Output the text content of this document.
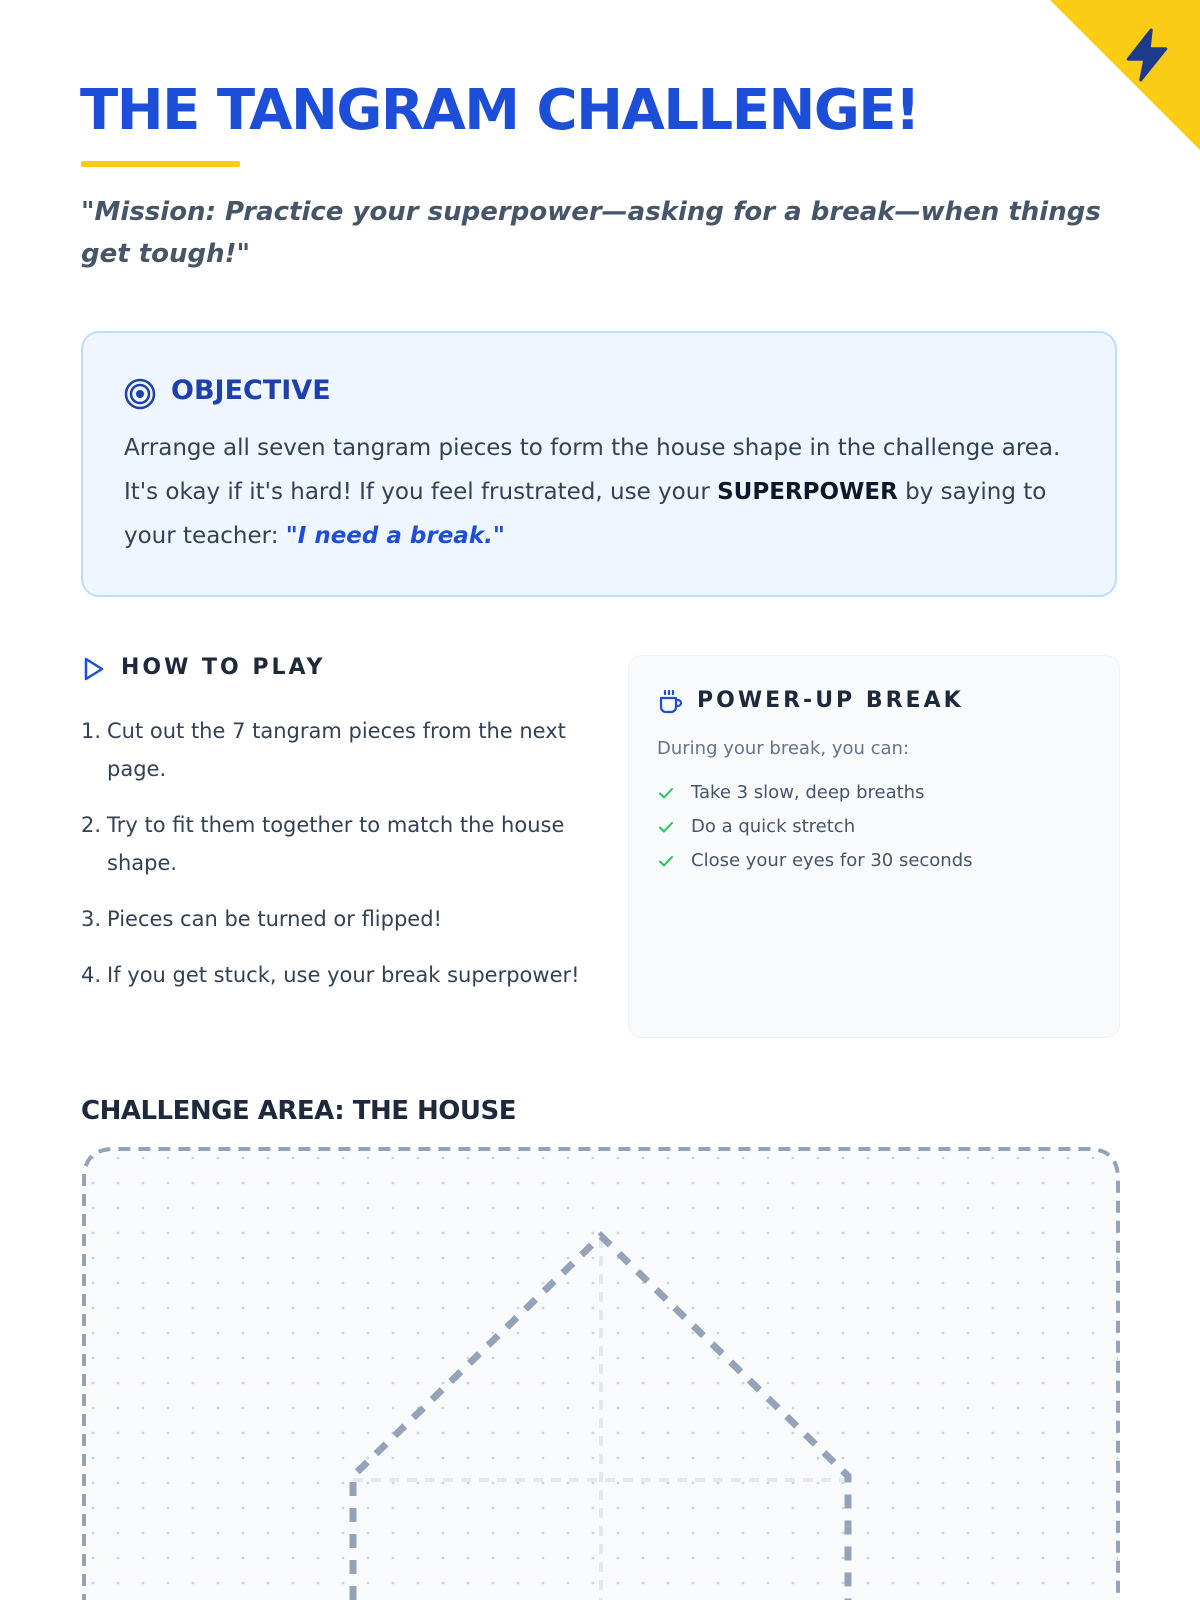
THE TANGRAM CHALLENGE!

"Mission: Practice your superpower—asking for a break—when things get tough!"

OBJECTIVE

Arrange all seven tangram pieces to form the house shape in the challenge area. It's okay if it's hard! If you feel frustrated, use your SUPERPOWER by saying to your teacher: "I need a break."

HOW TO PLAY
1. Cut out the 7 tangram pieces from the next page.
2. Try to fit them together to match the house shape.
3. Pieces can be turned or flipped!
4. If you get stuck, use your break superpower!
POWER-UP BREAK

During your break, you can:

Take 3 slow, deep breaths
Do a quick stretch
Close your eyes for 30 seconds
CHALLENGE AREA: THE HOUSE
